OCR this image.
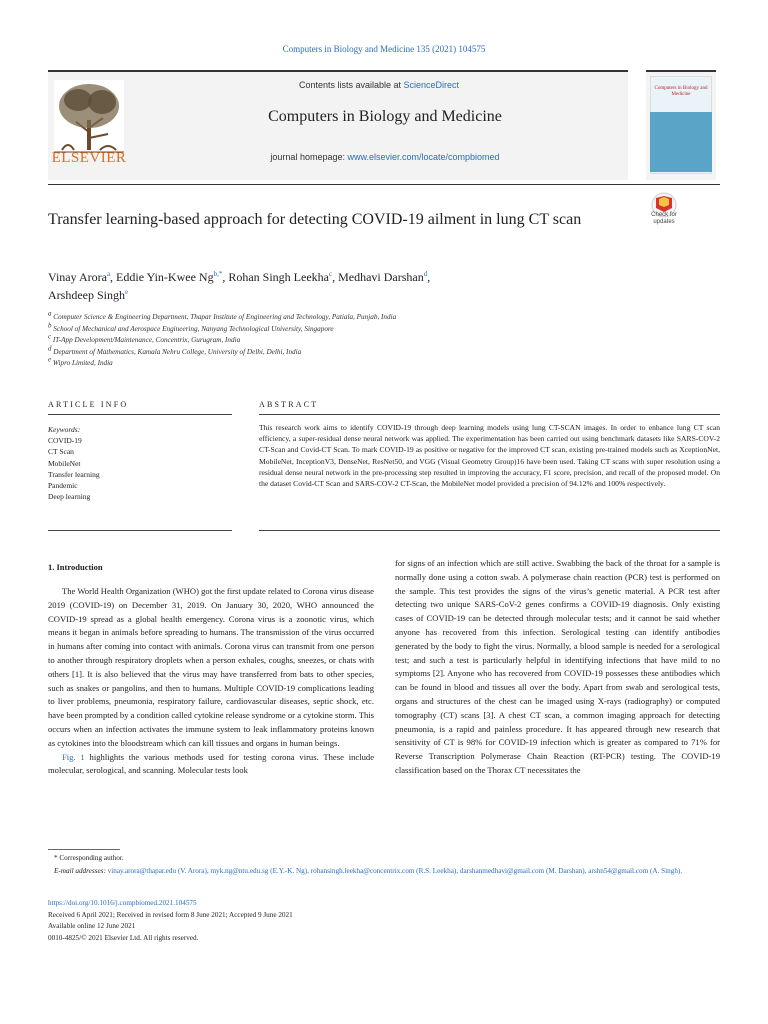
Computers in Biology and Medicine 135 (2021) 104575
ELSEVIER
Contents lists available at ScienceDirect
Computers in Biology and Medicine
journal homepage: www.elsevier.com/locate/compbiomed
Computers in Biology and Medicine
Transfer learning-based approach for detecting COVID-19 ailment in lung CT scan	Check for updates
Vinay Arora$^a$, Eddie Yin-Kwee $Ng^{b,*}$, Rohan Singh Leekha$^c$, Medhavi Darshan$^d$,
Arshdeep Singh$^e$
$^a$ Computer Science & Engineering Department, Thapar Institute of Engineering and Technology, Patiala, Punjab, India
$^b$ School of Mechanical and Aerospace Engineering, Nanyang Technological University, Singapore
$^c$ IT-App Development/Maintenance, Concentrix, Gurugram, India
$^d$ Department of Mathematics, Kamala Nehru College, University of Delhi, Delhi, India
$^e$ Wipro Limited, India
ARTICLE INFO	ABSTRACT
Keywords:
COVID-19
CT Scan
MobileNet
Transfer learning
Pandemic
Deep learning
This research work aims to identify COVID-19 through deep learning models using lung CT-SCAN images. In order to enhance lung CT scan efficiency, a super-residual dense neural network was applied. The experimentation has been carried out using benchmark datasets like SARS-COV-2 CT-Scan and Covid-CT Scan. To mark COVID-19 as positive or negative for the improved CT scan, existing pre-trained models such as XceptionNet, MobileNet, InceptionV3, DenseNet, ResNet50, and VGG (Visual Geometry Group)16 have been used. Taking CT scans with super resolution using a residual dense neural network in the pre-processing step resulted in improving the accuracy, F1 score, precision, and recall of the proposed model. On the dataset Covid-CT Scan and SARS-COV-2 CT-Scan, the MobileNet model provided a precision of 94.12% and 100% respectively.
1. Introduction

The World Health Organization (WHO) got the first update related to Corona virus disease 2019 (COVID-19) on December 31, 2019. On January 30, 2020, WHO announced the COVID-19 spread as a global health emergency. Corona virus is a zoonotic virus, which means it began in animals before spreading to humans. The transmission of the virus occurred in humans after coming into contact with animals. Corona virus can transmit from one person to another through respiratory droplets when a person exhales, coughs, sneezes, or chats with others [1]. It is also believed that the virus may have transferred from bats to other species, such as snakes or pangolins, and then to humans. Multiple COVID-19 complications leading to liver problems, pneumonia, respiratory failure, cardiovascular diseases, septic shock, etc. have been prompted by a condition called cytokine release syndrome or a cytokine storm. This occurs when an infection activates the immune system to leak inflammatory proteins known as cytokines into the bloodstream which can kill tissues and organs in human beings.

Fig. 1 highlights the various methods used for testing corona virus. These include molecular, serological, and scanning. Molecular tests look

for signs of an infection which are still active. Swabbing the back of the throat for a sample is normally done using a cotton swab. A polymerase chain reaction (PCR) test is performed on the sample. This test provides the signs of the virus’s genetic material. A PCR test after detecting two unique SARS-CoV-2 genes confirms a COVID-19 diagnosis. Only existing cases of COVID-19 can be detected through molecular tests; and it cannot be said whether anyone has recovered from this infection. Serological testing can identify antibodies generated by the body to fight the virus. Normally, a blood sample is needed for a serological test; and such a test is particularly helpful in identifying infections that have mild to no symptoms [2]. Anyone who has recovered from COVID-19 possesses these antibodies which can be found in blood and tissues all over the body. Apart from swab and serological tests, organs and structures of the chest can be imaged using X-rays (radiography) or computed tomography (CT) scans [3]. A chest CT scan, a common imaging approach for detecting pneumonia, is a rapid and painless procedure. It has appeared through new research that sensitivity of CT is 98% for COVID-19 infection which is greater as compared to 71% for Reverse Transcription Polymerase Chain Reaction (RT-PCR) testing. The COVID-19 classification based on the Thorax CT necessitates the

* Corresponding author.
E-mail addresses: vinay.arora@thapar.edu (V. Arora), myk.ng@ntu.edu.sg (E.Y.-K. Ng), rohansingh.leekha@concentrix.com (R.S. Leekha), darshanmedhavi@gmail.com (M. Darshan), arshn54@gmail.com (A. Singh).
https://doi.org/10.1016/j.compbiomed.2021.104575
Received 6 April 2021; Received in revised form 8 June 2021; Accepted 9 June 2021
Available online 12 June 2021
0010-4825/© 2021 Elsevier Ltd. All rights reserved.
